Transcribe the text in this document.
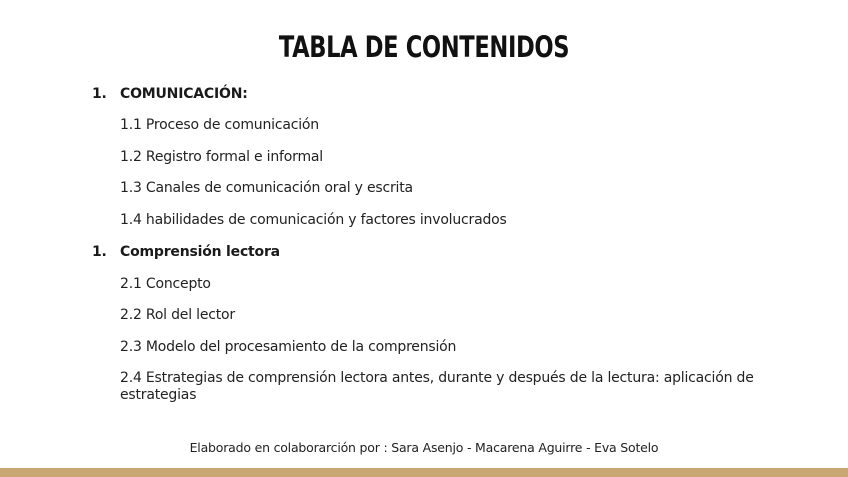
TABLA DE CONTENIDOS
1. COMUNICACIÓN:
1.1 Proceso de comunicación
1.2 Registro formal e informal
1.3 Canales de comunicación oral y escrita
1.4 habilidades de comunicación y factores involucrados
1. Comprensión lectora
2.1 Concepto
2.2 Rol del lector
2.3 Modelo del procesamiento de la comprensión
2.4 Estrategias de comprensión lectora antes, durante y después de la lectura: aplicación de estrategias
Elaborado en colaborarción por : Sara Asenjo - Macarena Aguirre - Eva Sotelo
